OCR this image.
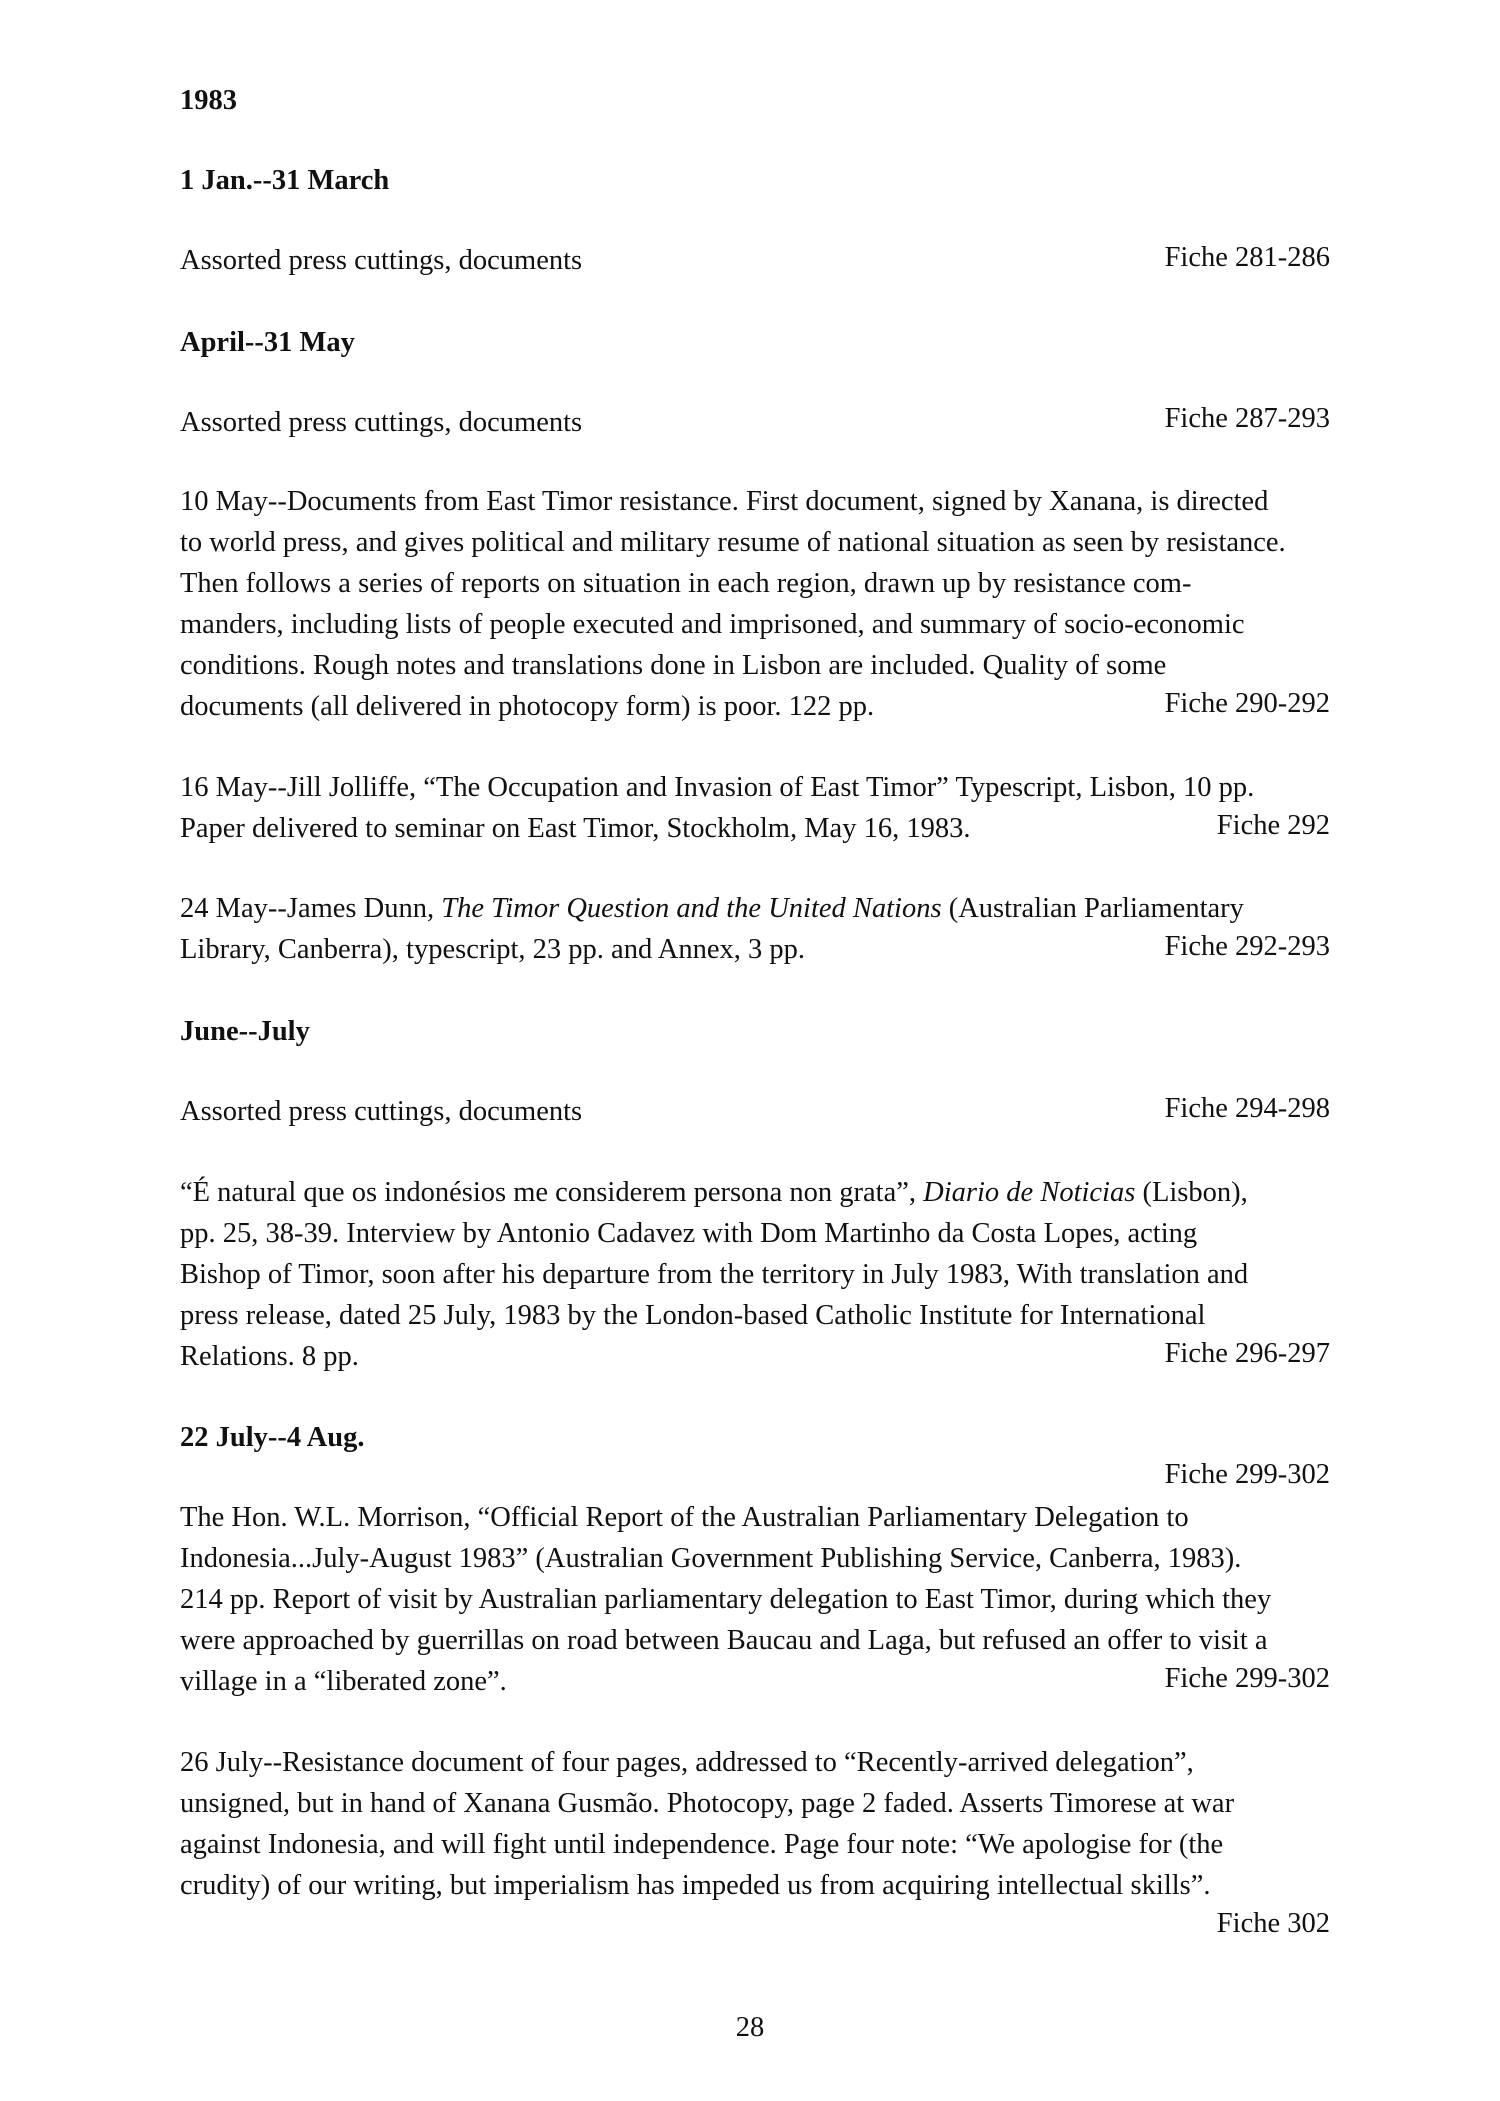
1983
1 Jan.--31 March
Assorted press cuttings, documents	Fiche 281-286
April--31 May
Assorted press cuttings, documents	Fiche 287-293
10 May--Documents from East Timor resistance. First document, signed by Xanana, is directed
to world press, and gives political and military resume of national situation as seen by resistance.
Then follows a series of reports on situation in each region, drawn up by resistance com-
manders, including lists of people executed and imprisoned, and summary of socio-economic
conditions. Rough notes and translations done in Lisbon are included. Quality of some
documents (all delivered in photocopy form) is poor. 122 pp.	Fiche 290-292
16 May--Jill Jolliffe, “The Occupation and Invasion of East Timor” Typescript, Lisbon, 10 pp.
Paper delivered to seminar on East Timor, Stockholm, May 16, 1983.	Fiche 292
24 May--James Dunn, The Timor Question and the United Nations (Australian Parliamentary
Library, Canberra), typescript, 23 pp. and Annex, 3 pp.	Fiche 292-293
June--July
Assorted press cuttings, documents	Fiche 294-298
“É natural que os indonésios me considerem persona non grata”, Diario de Noticias (Lisbon),
pp. 25, 38-39. Interview by Antonio Cadavez with Dom Martinho da Costa Lopes, acting
Bishop of Timor, soon after his departure from the territory in July 1983, With translation and
press release, dated 25 July, 1983 by the London-based Catholic Institute for International
Relations. 8 pp.	Fiche 296-297
22 July--4 Aug.
Fiche 299-302
The Hon. W.L. Morrison, “Official Report of the Australian Parliamentary Delegation to
Indonesia...July-August 1983” (Australian Government Publishing Service, Canberra, 1983).
214 pp. Report of visit by Australian parliamentary delegation to East Timor, during which they
were approached by guerrillas on road between Baucau and Laga, but refused an offer to visit a
village in a “liberated zone”.	Fiche 299-302
26 July--Resistance document of four pages, addressed to “Recently-arrived delegation”,
unsigned, but in hand of Xanana Gusmão. Photocopy, page 2 faded. Asserts Timorese at war
against Indonesia, and will fight until independence. Page four note: “We apologise for (the
crudity) of our writing, but imperialism has impeded us from acquiring intellectual skills”.
Fiche 302
28
